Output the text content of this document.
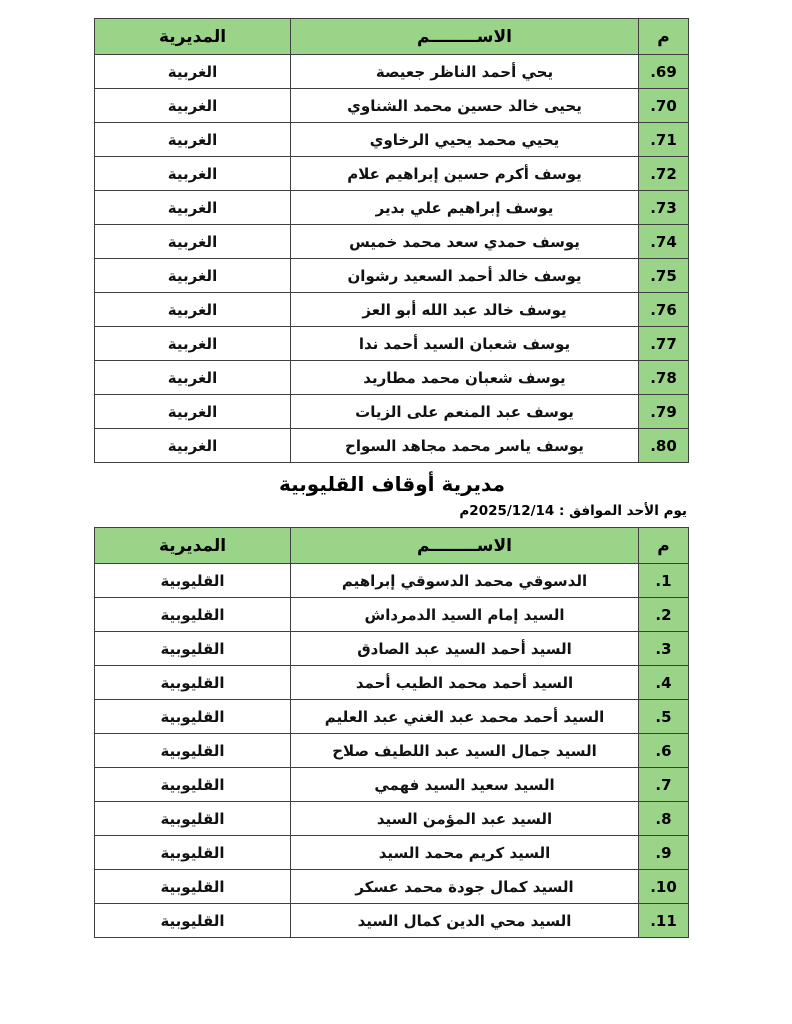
م	الاســــــــم	المديرية
.69	يحي أحمد الناظر جعيصة	الغربية
.70	يحيى خالد حسين محمد الشناوي	الغربية
.71	يحيي محمد يحيي الرخاوي	الغربية
.72	يوسف أكرم حسين إبراهيم علام	الغربية
.73	يوسف إبراهيم علي بدير	الغربية
.74	يوسف حمدي سعد محمد خميس	الغربية
.75	يوسف خالد أحمد السعيد رشوان	الغربية
.76	يوسف خالد عبد الله أبو العز	الغربية
.77	يوسف شعبان السيد أحمد ندا	الغربية
.78	يوسف شعبان محمد مطاريد	الغربية
.79	يوسف عبد المنعم على الزيات	الغربية
.80	يوسف ياسر محمد مجاهد السواح	الغربية
مديرية أوقاف القليوبية
يوم الأحد الموافق : 2025/12/14م
م	الاســــــــم	المديرية
.1	الدسوقي محمد الدسوقي إبراهيم	القليوبية
.2	السيد إمام السيد الدمرداش	القليوبية
.3	السيد أحمد السيد عبد الصادق	القليوبية
.4	السيد أحمد محمد الطيب أحمد	القليوبية
.5	السيد أحمد محمد عبد الغني عبد العليم	القليوبية
.6	السيد جمال السيد عبد اللطيف صلاح	القليوبية
.7	السيد سعيد السيد فهمي	القليوبية
.8	السيد عبد المؤمن السيد	القليوبية
.9	السيد كريم محمد السيد	القليوبية
.10	السيد كمال جودة محمد عسكر	القليوبية
.11	السيد محي الدين كمال السيد	القليوبية
